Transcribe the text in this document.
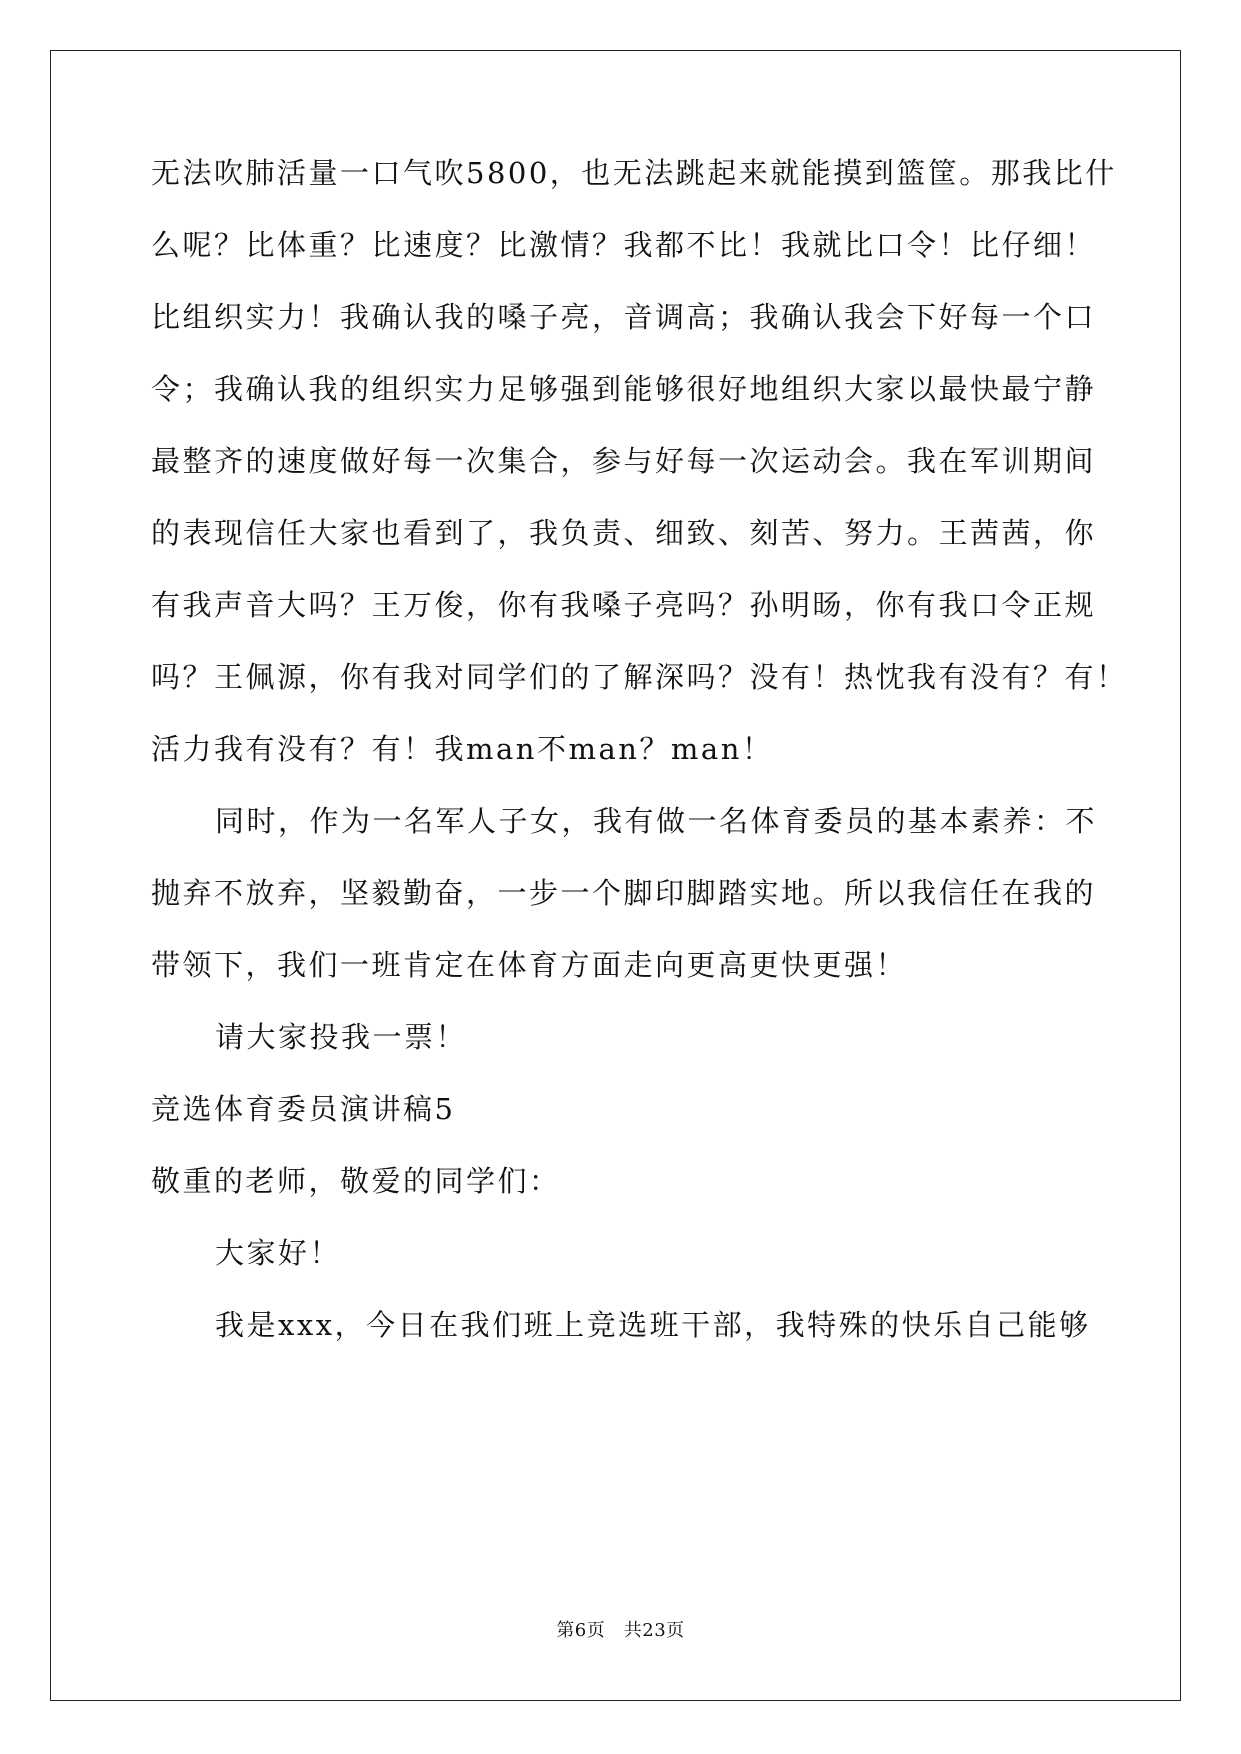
无法吹肺活量一口气吹5800，也无法跳起来就能摸到篮筐。那我比什
么呢？比体重？比速度？比激情？我都不比！我就比口令！比仔细！
比组织实力！我确认我的嗓子亮，音调高；我确认我会下好每一个口
令；我确认我的组织实力足够强到能够很好地组织大家以最快最宁静
最整齐的速度做好每一次集合，参与好每一次运动会。我在军训期间
的表现信任大家也看到了，我负责、细致、刻苦、努力。王茜茜，你
有我声音大吗？王万俊，你有我嗓子亮吗？孙明旸，你有我口令正规
吗？王佩源，你有我对同学们的了解深吗？没有！热忱我有没有？有！
活力我有没有？有！我man不man？man！
同时，作为一名军人子女，我有做一名体育委员的基本素养：不
抛弃不放弃，坚毅勤奋，一步一个脚印脚踏实地。所以我信任在我的
带领下，我们一班肯定在体育方面走向更高更快更强！
请大家投我一票！
竞选体育委员演讲稿5
敬重的老师，敬爱的同学们：
大家好！
我是xxx，今日在我们班上竞选班干部，我特殊的快乐自己能够
第6页　共23页
